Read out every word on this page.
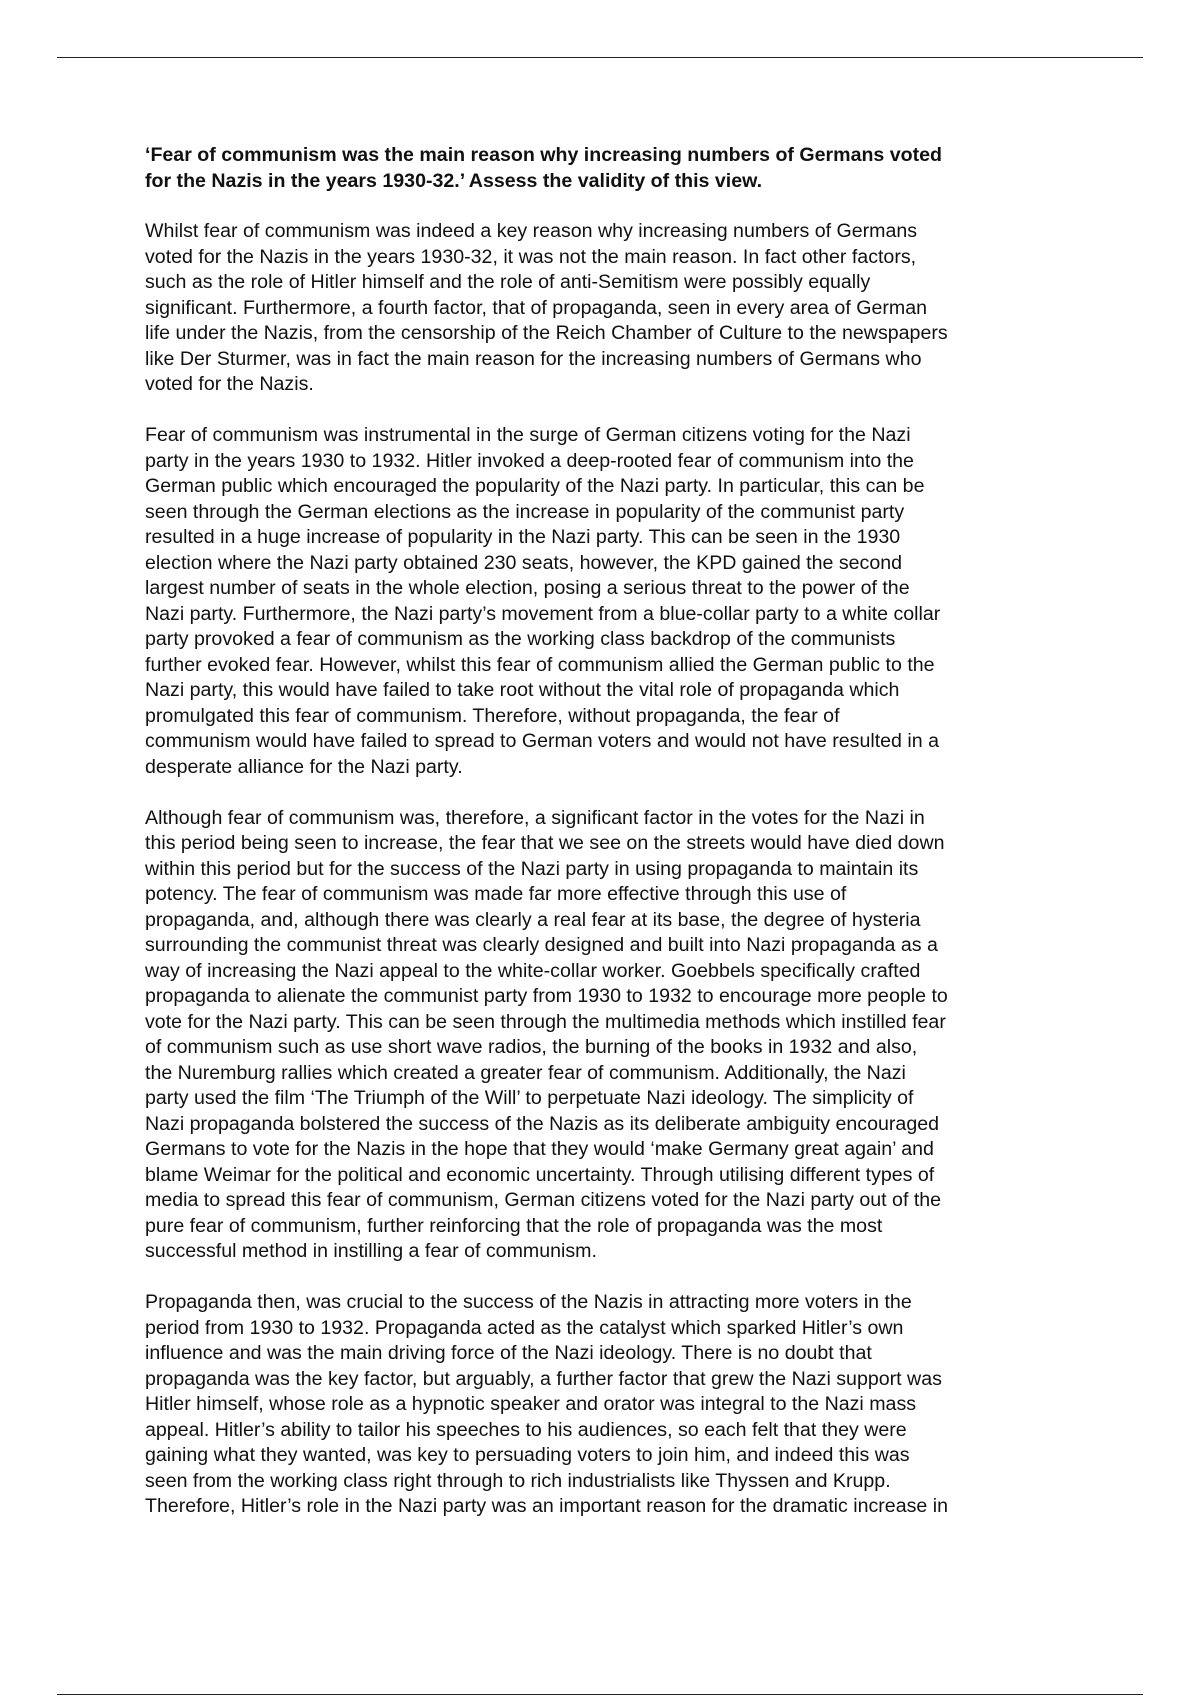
‘Fear of communism was the main reason why increasing numbers of Germans voted
for the Nazis in the years 1930-32.’ Assess the validity of this view.
Whilst fear of communism was indeed a key reason why increasing numbers of Germans
voted for the Nazis in the years 1930-32, it was not the main reason. In fact other factors,
such as the role of Hitler himself and the role of anti-Semitism were possibly equally
significant. Furthermore, a fourth factor, that of propaganda, seen in every area of German
life under the Nazis, from the censorship of the Reich Chamber of Culture to the newspapers
like Der Sturmer, was in fact the main reason for the increasing numbers of Germans who
voted for the Nazis.
Fear of communism was instrumental in the surge of German citizens voting for the Nazi
party in the years 1930 to 1932. Hitler invoked a deep-rooted fear of communism into the
German public which encouraged the popularity of the Nazi party. In particular, this can be
seen through the German elections as the increase in popularity of the communist party
resulted in a huge increase of popularity in the Nazi party. This can be seen in the 1930
election where the Nazi party obtained 230 seats, however, the KPD gained the second
largest number of seats in the whole election, posing a serious threat to the power of the
Nazi party. Furthermore, the Nazi party’s movement from a blue-collar party to a white collar
party provoked a fear of communism as the working class backdrop of the communists
further evoked fear. However, whilst this fear of communism allied the German public to the
Nazi party, this would have failed to take root without the vital role of propaganda which
promulgated this fear of communism. Therefore, without propaganda, the fear of
communism would have failed to spread to German voters and would not have resulted in a
desperate alliance for the Nazi party.
Although fear of communism was, therefore, a significant factor in the votes for the Nazi in
this period being seen to increase, the fear that we see on the streets would have died down
within this period but for the success of the Nazi party in using propaganda to maintain its
potency. The fear of communism was made far more effective through this use of
propaganda, and, although there was clearly a real fear at its base, the degree of hysteria
surrounding the communist threat was clearly designed and built into Nazi propaganda as a
way of increasing the Nazi appeal to the white-collar worker. Goebbels specifically crafted
propaganda to alienate the communist party from 1930 to 1932 to encourage more people to
vote for the Nazi party. This can be seen through the multimedia methods which instilled fear
of communism such as use short wave radios, the burning of the books in 1932 and also,
the Nuremburg rallies which created a greater fear of communism. Additionally, the Nazi
party used the film ‘The Triumph of the Will’ to perpetuate Nazi ideology. The simplicity of
Nazi propaganda bolstered the success of the Nazis as its deliberate ambiguity encouraged
Germans to vote for the Nazis in the hope that they would ‘make Germany great again’ and
blame Weimar for the political and economic uncertainty. Through utilising different types of
media to spread this fear of communism, German citizens voted for the Nazi party out of the
pure fear of communism, further reinforcing that the role of propaganda was the most
successful method in instilling a fear of communism.
Propaganda then, was crucial to the success of the Nazis in attracting more voters in the
period from 1930 to 1932. Propaganda acted as the catalyst which sparked Hitler’s own
influence and was the main driving force of the Nazi ideology. There is no doubt that
propaganda was the key factor, but arguably, a further factor that grew the Nazi support was
Hitler himself, whose role as a hypnotic speaker and orator was integral to the Nazi mass
appeal. Hitler’s ability to tailor his speeches to his audiences, so each felt that they were
gaining what they wanted, was key to persuading voters to join him, and indeed this was
seen from the working class right through to rich industrialists like Thyssen and Krupp.
Therefore, Hitler’s role in the Nazi party was an important reason for the dramatic increase in
